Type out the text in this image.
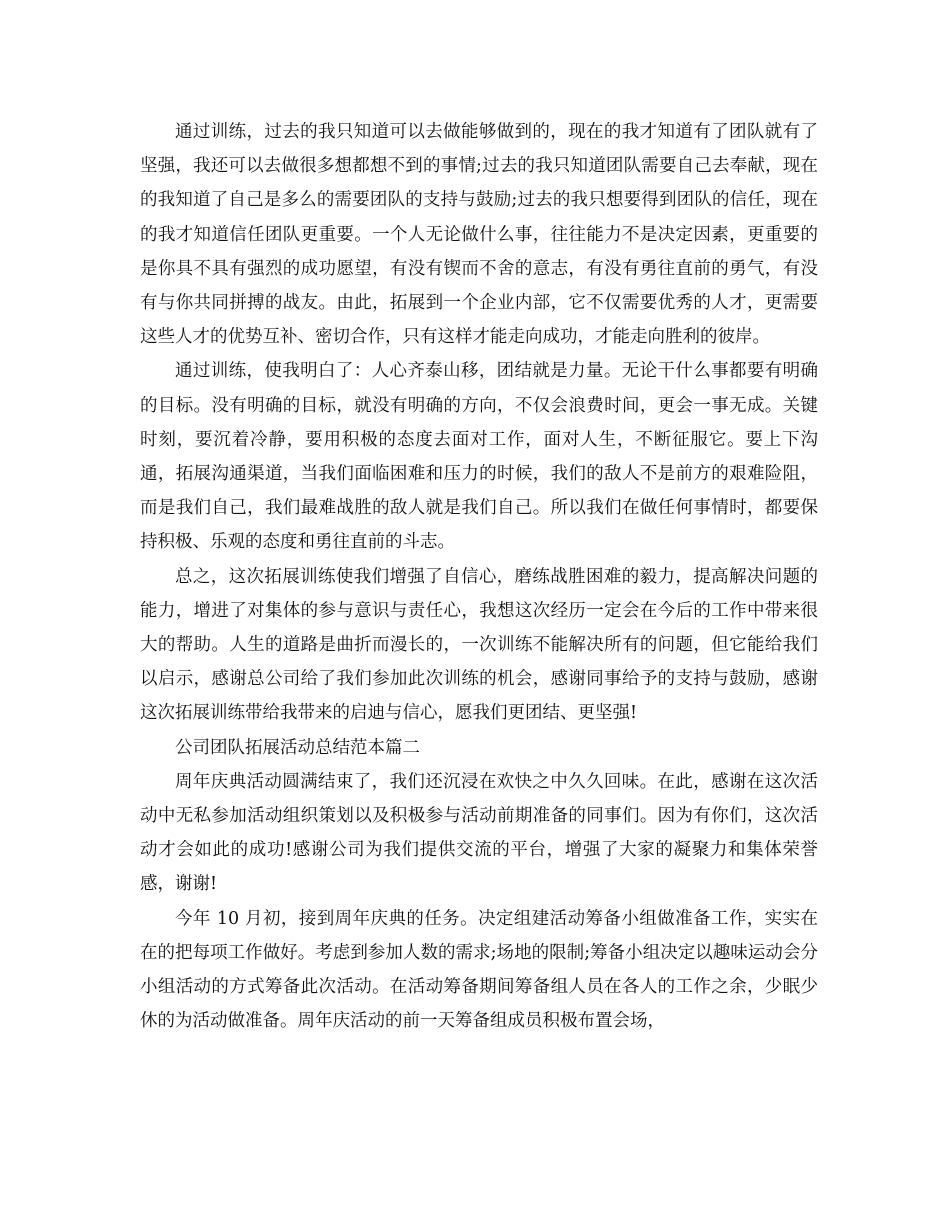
通过训练，过去的我只知道可以去做能够做到的，现在的我才知道有了团队就有了坚强，我还可以去做很多想都想不到的事情;过去的我只知道团队需要自己去奉献，现在的我知道了自己是多么的需要团队的支持与鼓励;过去的我只想要得到团队的信任，现在的我才知道信任团队更重要。一个人无论做什么事，往往能力不是决定因素，更重要的是你具不具有强烈的成功愿望，有没有锲而不舍的意志，有没有勇往直前的勇气，有没有与你共同拼搏的战友。由此，拓展到一个企业内部，它不仅需要优秀的人才，更需要这些人才的优势互补、密切合作，只有这样才能走向成功，才能走向胜利的彼岸。

通过训练，使我明白了：人心齐泰山移，团结就是力量。无论干什么事都要有明确的目标。没有明确的目标，就没有明确的方向，不仅会浪费时间，更会一事无成。关键时刻，要沉着冷静，要用积极的态度去面对工作，面对人生，不断征服它。要上下沟通，拓展沟通渠道，当我们面临困难和压力的时候，我们的敌人不是前方的艰难险阻，而是我们自己，我们最难战胜的敌人就是我们自己。所以我们在做任何事情时，都要保持积极、乐观的态度和勇往直前的斗志。

总之，这次拓展训练使我们增强了自信心，磨练战胜困难的毅力，提高解决问题的能力，增进了对集体的参与意识与责任心，我想这次经历一定会在今后的工作中带来很大的帮助。人生的道路是曲折而漫长的，一次训练不能解决所有的问题，但它能给我们以启示，感谢总公司给了我们参加此次训练的机会，感谢同事给予的支持与鼓励，感谢这次拓展训练带给我带来的启迪与信心，愿我们更团结、更坚强!

公司团队拓展活动总结范本篇二

周年庆典活动圆满结束了，我们还沉浸在欢快之中久久回味。在此，感谢在这次活动中无私参加活动组织策划以及积极参与活动前期准备的同事们。因为有你们，这次活动才会如此的成功!感谢公司为我们提供交流的平台，增强了大家的凝聚力和集体荣誉感，谢谢!

今年 10 月初，接到周年庆典的任务。决定组建活动筹备小组做准备工作，实实在在的把每项工作做好。考虑到参加人数的需求;场地的限制;筹备小组决定以趣味运动会分小组活动的方式筹备此次活动。在活动筹备期间筹备组人员在各人的工作之余，少眠少休的为活动做准备。周年庆活动的前一天筹备组成员积极布置会场，
